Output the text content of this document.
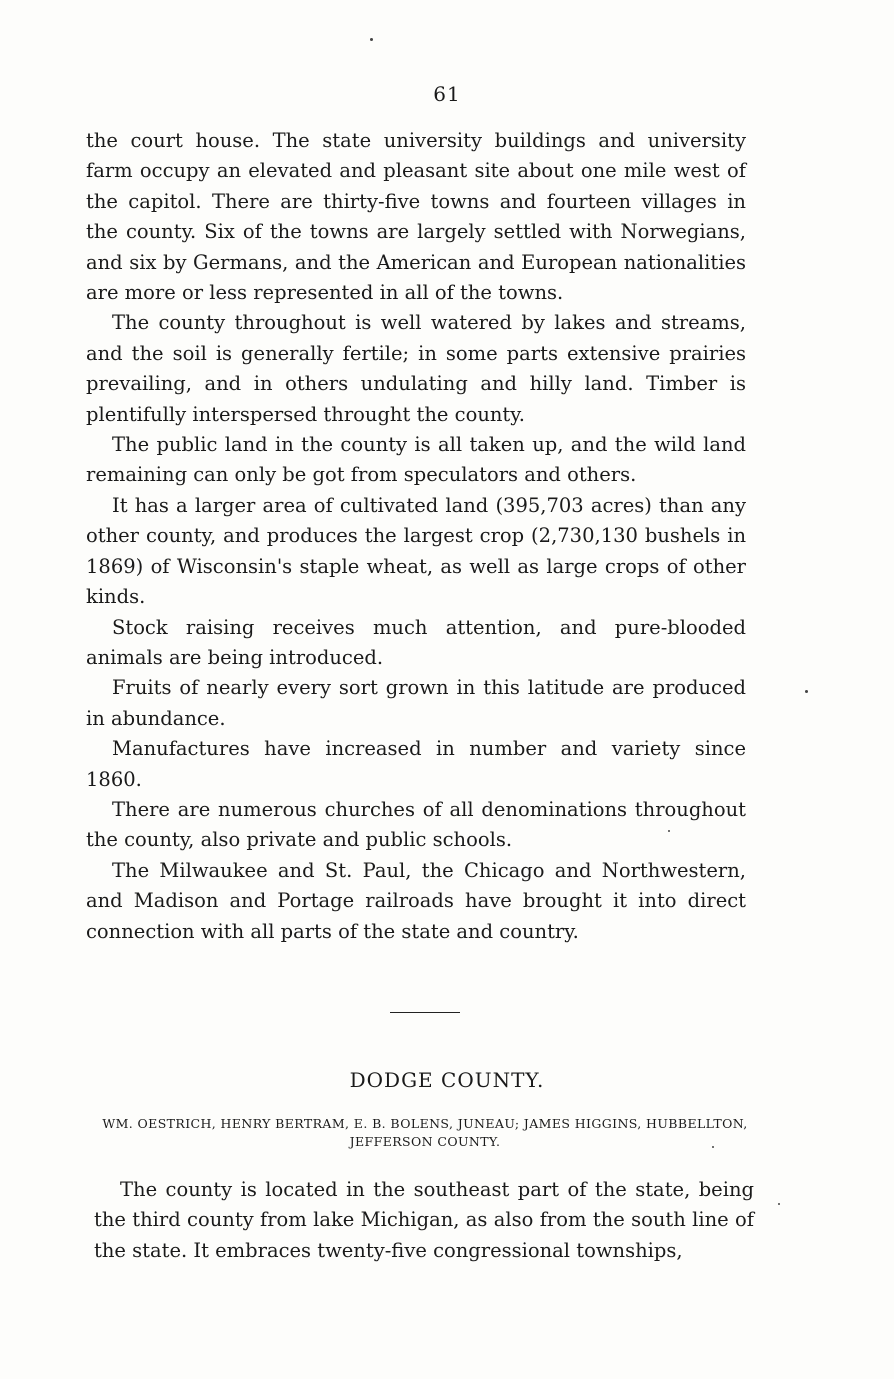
61

the court house. The state university buildings and university farm occupy an elevated and pleasant site about one mile west of the capitol. There are thirty-five towns and fourteen villages in the county. Six of the towns are largely settled with Norwegians, and six by Germans, and the American and European nationalities are more or less represented in all of the towns.

The county throughout is well watered by lakes and streams, and the soil is generally fertile; in some parts extensive prairies prevailing, and in others undulating and hilly land. Timber is plentifully interspersed throught the county.

The public land in the county is all taken up, and the wild land remaining can only be got from speculators and others.

It has a larger area of cultivated land (395,703 acres) than any other county, and produces the largest crop (2,730,130 bushels in 1869) of Wisconsin's staple wheat, as well as large crops of other kinds.

Stock raising receives much attention, and pure-blooded animals are being introduced.

Fruits of nearly every sort grown in this latitude are produced in abundance.

Manufactures have increased in number and variety since 1860.

There are numerous churches of all denominations throughout the county, also private and public schools.

The Milwaukee and St. Paul, the Chicago and Northwestern, and Madison and Portage railroads have brought it into direct connection with all parts of the state and country.

DODGE COUNTY.
WM. OESTRICH, HENRY BERTRAM, E. B. BOLENS, JUNEAU; JAMES HIGGINS, HUBBELLTON, JEFFERSON COUNTY.

The county is located in the southeast part of the state, being the third county from lake Michigan, as also from the south line of the state. It embraces twenty-five congressional townships,
